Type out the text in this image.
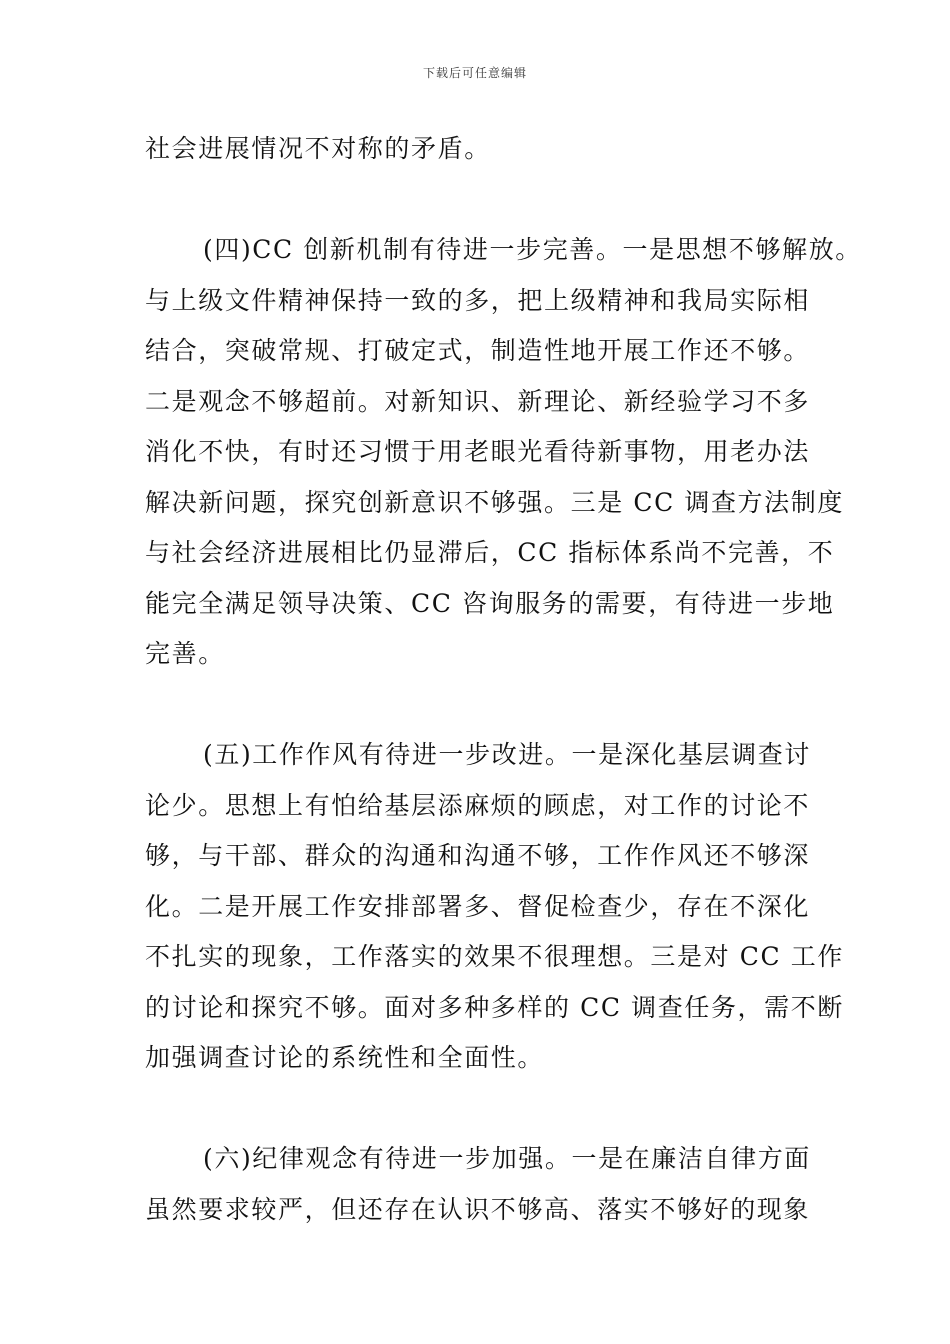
下载后可任意编辑
社会进展情况不对称的矛盾。
(四)CC 创新机制有待进一步完善。一是思想不够解放。
与上级文件精神保持一致的多，把上级精神和我局实际相
结合，突破常规、打破定式，制造性地开展工作还不够。
二是观念不够超前。对新知识、新理论、新经验学习不多
消化不快，有时还习惯于用老眼光看待新事物，用老办法
解决新问题，探究创新意识不够强。三是 CC 调查方法制度
与社会经济进展相比仍显滞后，CC 指标体系尚不完善，不
能完全满足领导决策、CC 咨询服务的需要，有待进一步地
完善。
(五)工作作风有待进一步改进。一是深化基层调查讨
论少。思想上有怕给基层添麻烦的顾虑，对工作的讨论不
够，与干部、群众的沟通和沟通不够，工作作风还不够深
化。二是开展工作安排部署多、督促检查少，存在不深化
不扎实的现象，工作落实的效果不很理想。三是对 CC 工作
的讨论和探究不够。面对多种多样的 CC 调查任务，需不断
加强调查讨论的系统性和全面性。
(六)纪律观念有待进一步加强。一是在廉洁自律方面
虽然要求较严，但还存在认识不够高、落实不够好的现象
